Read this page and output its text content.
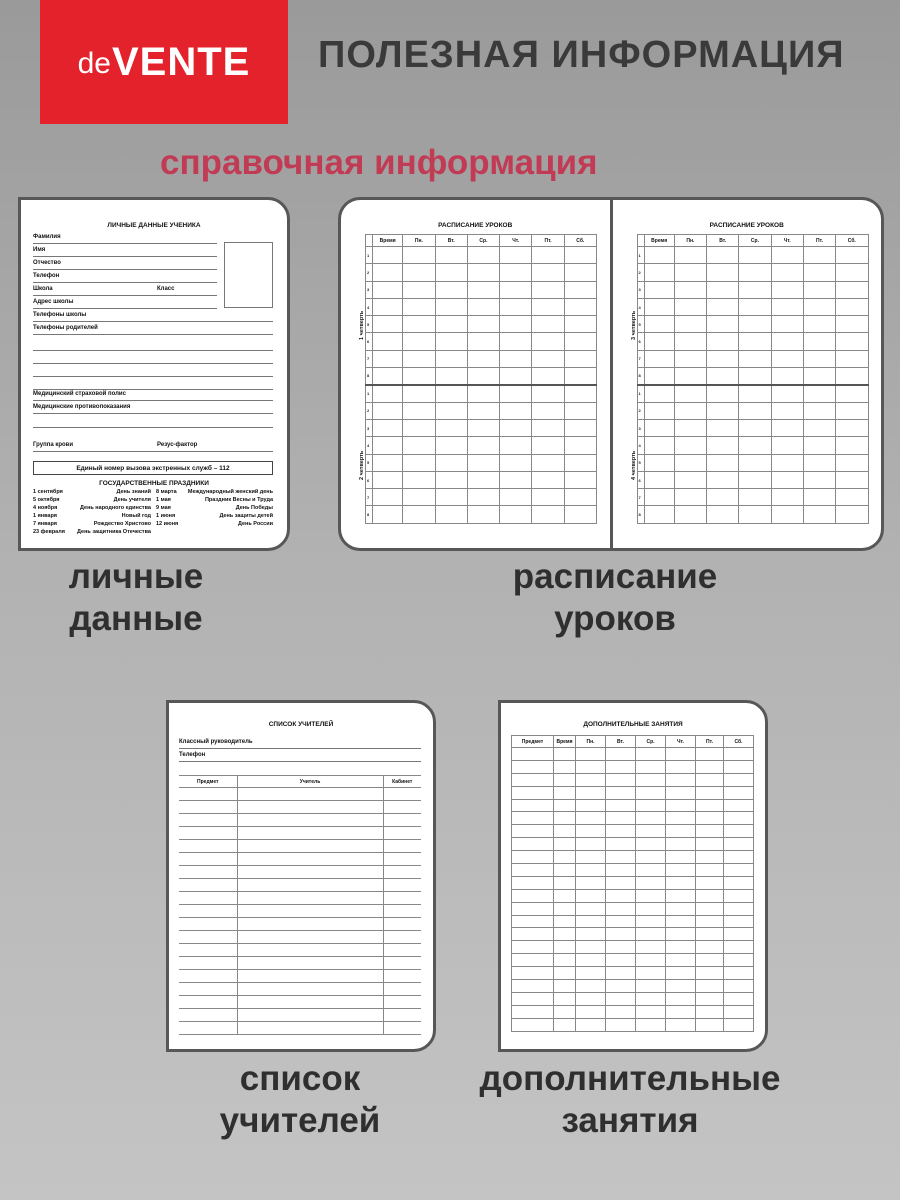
de VENTE ПОЛЕЗНАЯ ИНФОРМАЦИЯ
справочная информация
ЛИЧНЫЕ ДАННЫЕ УЧЕНИКА
Фамилия
Имя
Отчество
Телефон
Школа	Класс
Адрес школы
Телефоны школы
Телефоны родителей
Медицинский страховой полис
Медицинские противопоказания
Группа крови	Резус-фактор
Единый номер вызова экстренных служб – 112
ГОСУДАРСТВЕННЫЕ ПРАЗДНИКИ
1 сентября	День знаний
5 октября	День учителя
4 ноября	День народного единства
1 января	Новый год
7 января	Рождество Христово
23 февраля День защитника Отечества
8 марта Международный женский день
1 мая	Праздник Весны и Труда
9 мая	День Победы
1 июня	День защиты детей
12 июня	День России
РАСПИСАНИЕ УРОКОВ
	Время	Пн.	Вт.	Ср.	Чт.	Пт.	Сб.
1							
2							
3							
4							
5							
6							
7							
8							
1							
2							
3							
4							
5							
6							
7							
8							
1 четверть
2 четверть
РАСПИСАНИЕ УРОКОВ
	Время	Пн.	Вт.	Ср.	Чт.	Пт.	Сб.
1							
2							
3							
4							
5							
6							
7							
8							
1							
2							
3							
4							
5							
6							
7							
8							
3 четверть
4 четверть
СПИСОК УЧИТЕЛЕЙ
Классный руководитель
Телефон
Предмет	Учитель	Кабинет

ДОПОЛНИТЕЛЬНЫЕ ЗАНЯТИЯ
Предмет	Время	Пн.	Вт.	Ср.	Чт.	Пт.	Сб.

личные
данные
расписание
уроков
список
учителей
дополнительные
занятия
